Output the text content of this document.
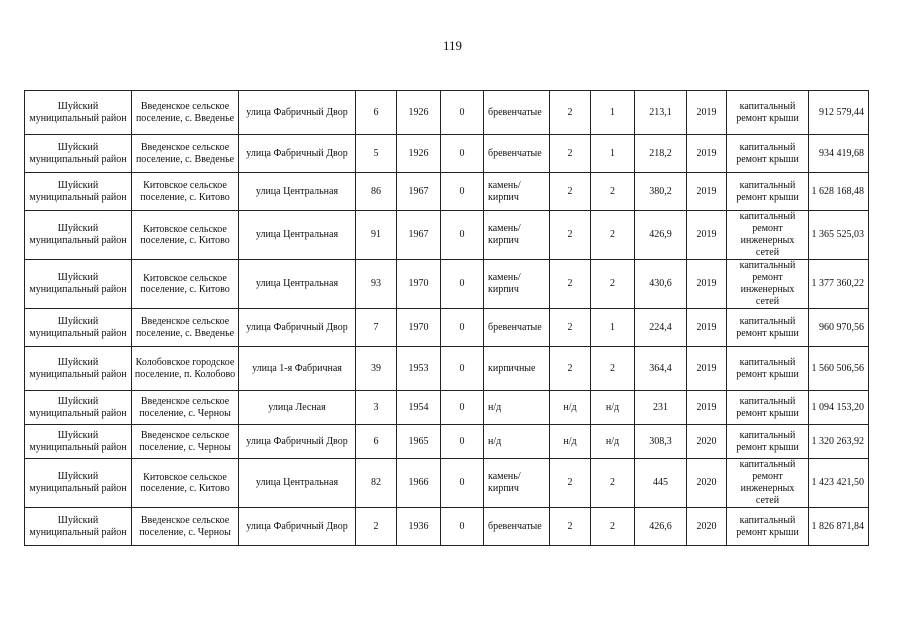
119
Шуйский муниципальный район	Введенское сельское поселение, с. Введенье	улица Фабричный Двор	6	1926	0	бревенчатые	2	1	213,1	2019	капитальный ремонт крыши	912 579,44
Шуйский муниципальный район	Введенское сельское поселение, с. Введенье	улица Фабричный Двор	5	1926	0	бревенчатые	2	1	218,2	2019	капитальный ремонт крыши	934 419,68
Шуйский муниципальный район	Китовское сельское поселение, с. Китово	улица Центральная	86	1967	0	камень/кирпич	2	2	380,2	2019	капитальный ремонт крыши	1 628 168,48
Шуйский муниципальный район	Китовское сельское поселение, с. Китово	улица Центральная	91	1967	0	камень/кирпич	2	2	426,9	2019	капитальный ремонт инженерных сетей	1 365 525,03
Шуйский муниципальный район	Китовское сельское поселение, с. Китово	улица Центральная	93	1970	0	камень/кирпич	2	2	430,6	2019	капитальный ремонт инженерных сетей	1 377 360,22
Шуйский муниципальный район	Введенское сельское поселение, с. Введенье	улица Фабричный Двор	7	1970	0	бревенчатые	2	1	224,4	2019	капитальный ремонт крыши	960 970,56
Шуйский муниципальный район	Колобовское городское поселение, п. Колобово	улица 1-я Фабричная	39	1953	0	кирпичные	2	2	364,4	2019	капитальный ремонт крыши	1 560 506,56
Шуйский муниципальный район	Введенское сельское поселение, с. Черноы	улица Лесная	3	1954	0	н/д	н/д	н/д	231	2019	капитальный ремонт крыши	1 094 153,20
Шуйский муниципальный район	Введенское сельское поселение, с. Черноы	улица Фабричный Двор	6	1965	0	н/д	н/д	н/д	308,3	2020	капитальный ремонт крыши	1 320 263,92
Шуйский муниципальный район	Китовское сельское поселение, с. Китово	улица Центральная	82	1966	0	камень/кирпич	2	2	445	2020	капитальный ремонт инженерных сетей	1 423 421,50
Шуйский муниципальный район	Введенское сельское поселение, с. Черноы	улица Фабричный Двор	2	1936	0	бревенчатые	2	2	426,6	2020	капитальный ремонт крыши	1 826 871,84
